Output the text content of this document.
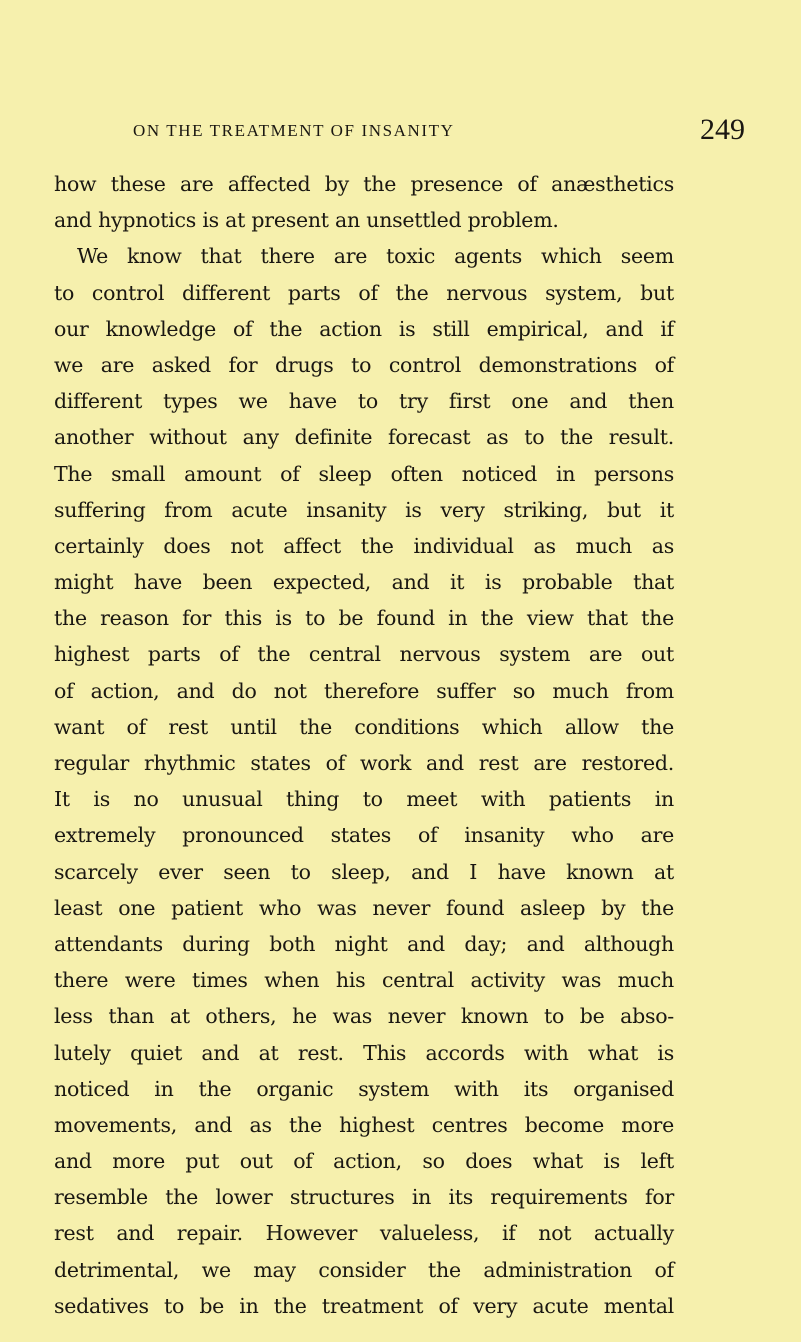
ON THE TREATMENT OF INSANITY	249
how these are affected by the presence of anæsthetics
and hypnotics is at present an unsettled problem.
We know that there are toxic agents which seem
to control different parts of the nervous system, but
our knowledge of the action is still empirical, and if
we are asked for drugs to control demonstrations of
different types we have to try first one and then
another without any definite forecast as to the result.
The small amount of sleep often noticed in persons
suffering from acute insanity is very striking, but it
certainly does not affect the individual as much as
might have been expected, and it is probable that
the reason for this is to be found in the view that the
highest parts of the central nervous system are out
of action, and do not therefore suffer so much from
want of rest until the conditions which allow the
regular rhythmic states of work and rest are restored.
It is no unusual thing to meet with patients in
extremely pronounced states of insanity who are
scarcely ever seen to sleep, and I have known at
least one patient who was never found asleep by the
attendants during both night and day; and although
there were times when his central activity was much
less than at others, he was never known to be abso-
lutely quiet and at rest. This accords with what is
noticed in the organic system with its organised
movements, and as the highest centres become more
and more put out of action, so does what is left
resemble the lower structures in its requirements for
rest and repair. However valueless, if not actually
detrimental, we may consider the administration of
sedatives to be in the treatment of very acute mental
